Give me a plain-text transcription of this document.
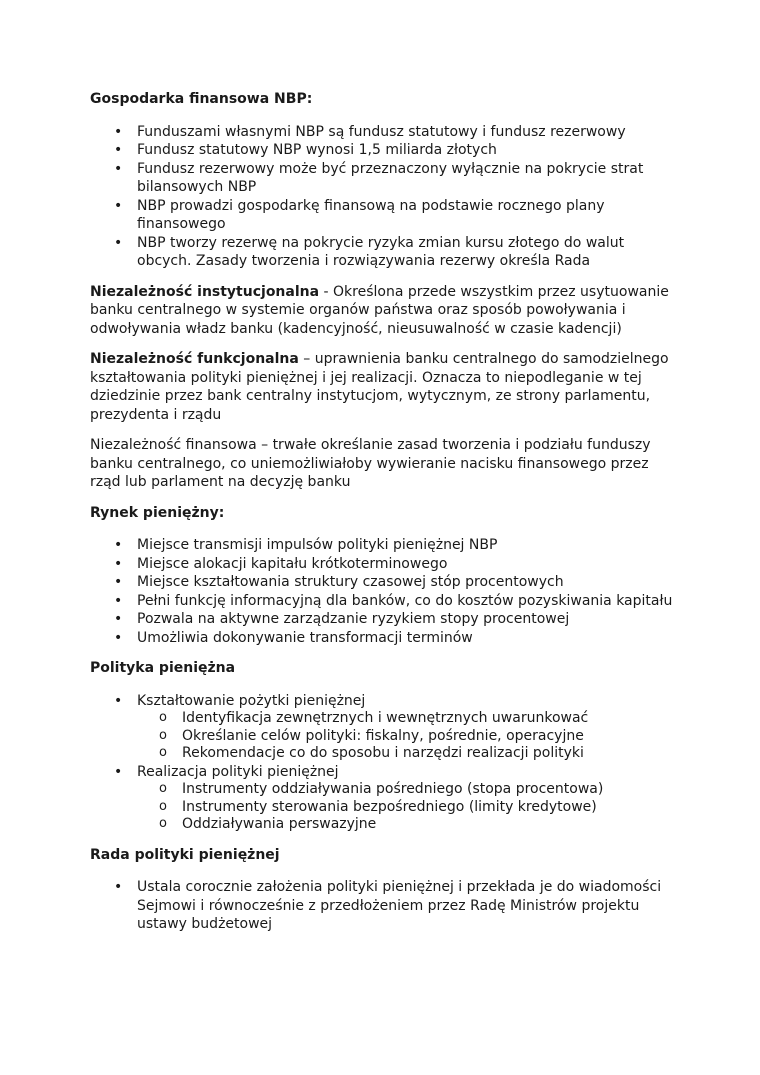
Gospodarka finansowa NBP:
• Funduszami własnymi NBP są fundusz statutowy i fundusz rezerwowy
• Fundusz statutowy NBP wynosi 1,5 miliarda złotych
• Fundusz rezerwowy może być przeznaczony wyłącznie na pokrycie strat bilansowych NBP
• NBP prowadzi gospodarkę finansową na podstawie rocznego plany finansowego
• NBP tworzy rezerwę na pokrycie ryzyka zmian kursu złotego do walut obcych. Zasady tworzenia i rozwiązywania rezerwy określa Rada

Niezależność instytucjonalna - Określona przede wszystkim przez usytuowanie banku centralnego w systemie organów państwa oraz sposób powoływania i odwoływania władz banku (kadencyjność, nieusuwalność w czasie kadencji)

Niezależność funkcjonalna – uprawnienia banku centralnego do samodzielnego kształtowania polityki pieniężnej i jej realizacji. Oznacza to niepodleganie w tej dziedzinie przez bank centralny instytucjom, wytycznym, ze strony parlamentu, prezydenta i rządu

Niezależność finansowa – trwałe określanie zasad tworzenia i podziału funduszy banku centralnego, co uniemożliwiałoby wywieranie nacisku finansowego przez rząd lub parlament na decyzję banku

Rynek pieniężny:
• Miejsce transmisji impulsów polityki pieniężnej NBP
• Miejsce alokacji kapitału krótkoterminowego
• Miejsce kształtowania struktury czasowej stóp procentowych
• Pełni funkcję informacyjną dla banków, co do kosztów pozyskiwania kapitału
• Pozwala na aktywne zarządzanie ryzykiem stopy procentowej
• Umożliwia dokonywanie transformacji terminów
Polityka pieniężna
• Kształtowanie pożytki pieniężnej
o Identyfikacja zewnętrznych i wewnętrznych uwarunkować
o Określanie celów polityki: fiskalny, pośrednie, operacyjne
o Rekomendacje co do sposobu i narzędzi realizacji polityki
• Realizacja polityki pieniężnej
o Instrumenty oddziaływania pośredniego (stopa procentowa)
o Instrumenty sterowania bezpośredniego (limity kredytowe)
o Oddziaływania perswazyjne
Rada polityki pieniężnej
• Ustala corocznie założenia polityki pieniężnej i przekłada je do wiadomości Sejmowi i równocześnie z przedłożeniem przez Radę Ministrów projektu ustawy budżetowej
